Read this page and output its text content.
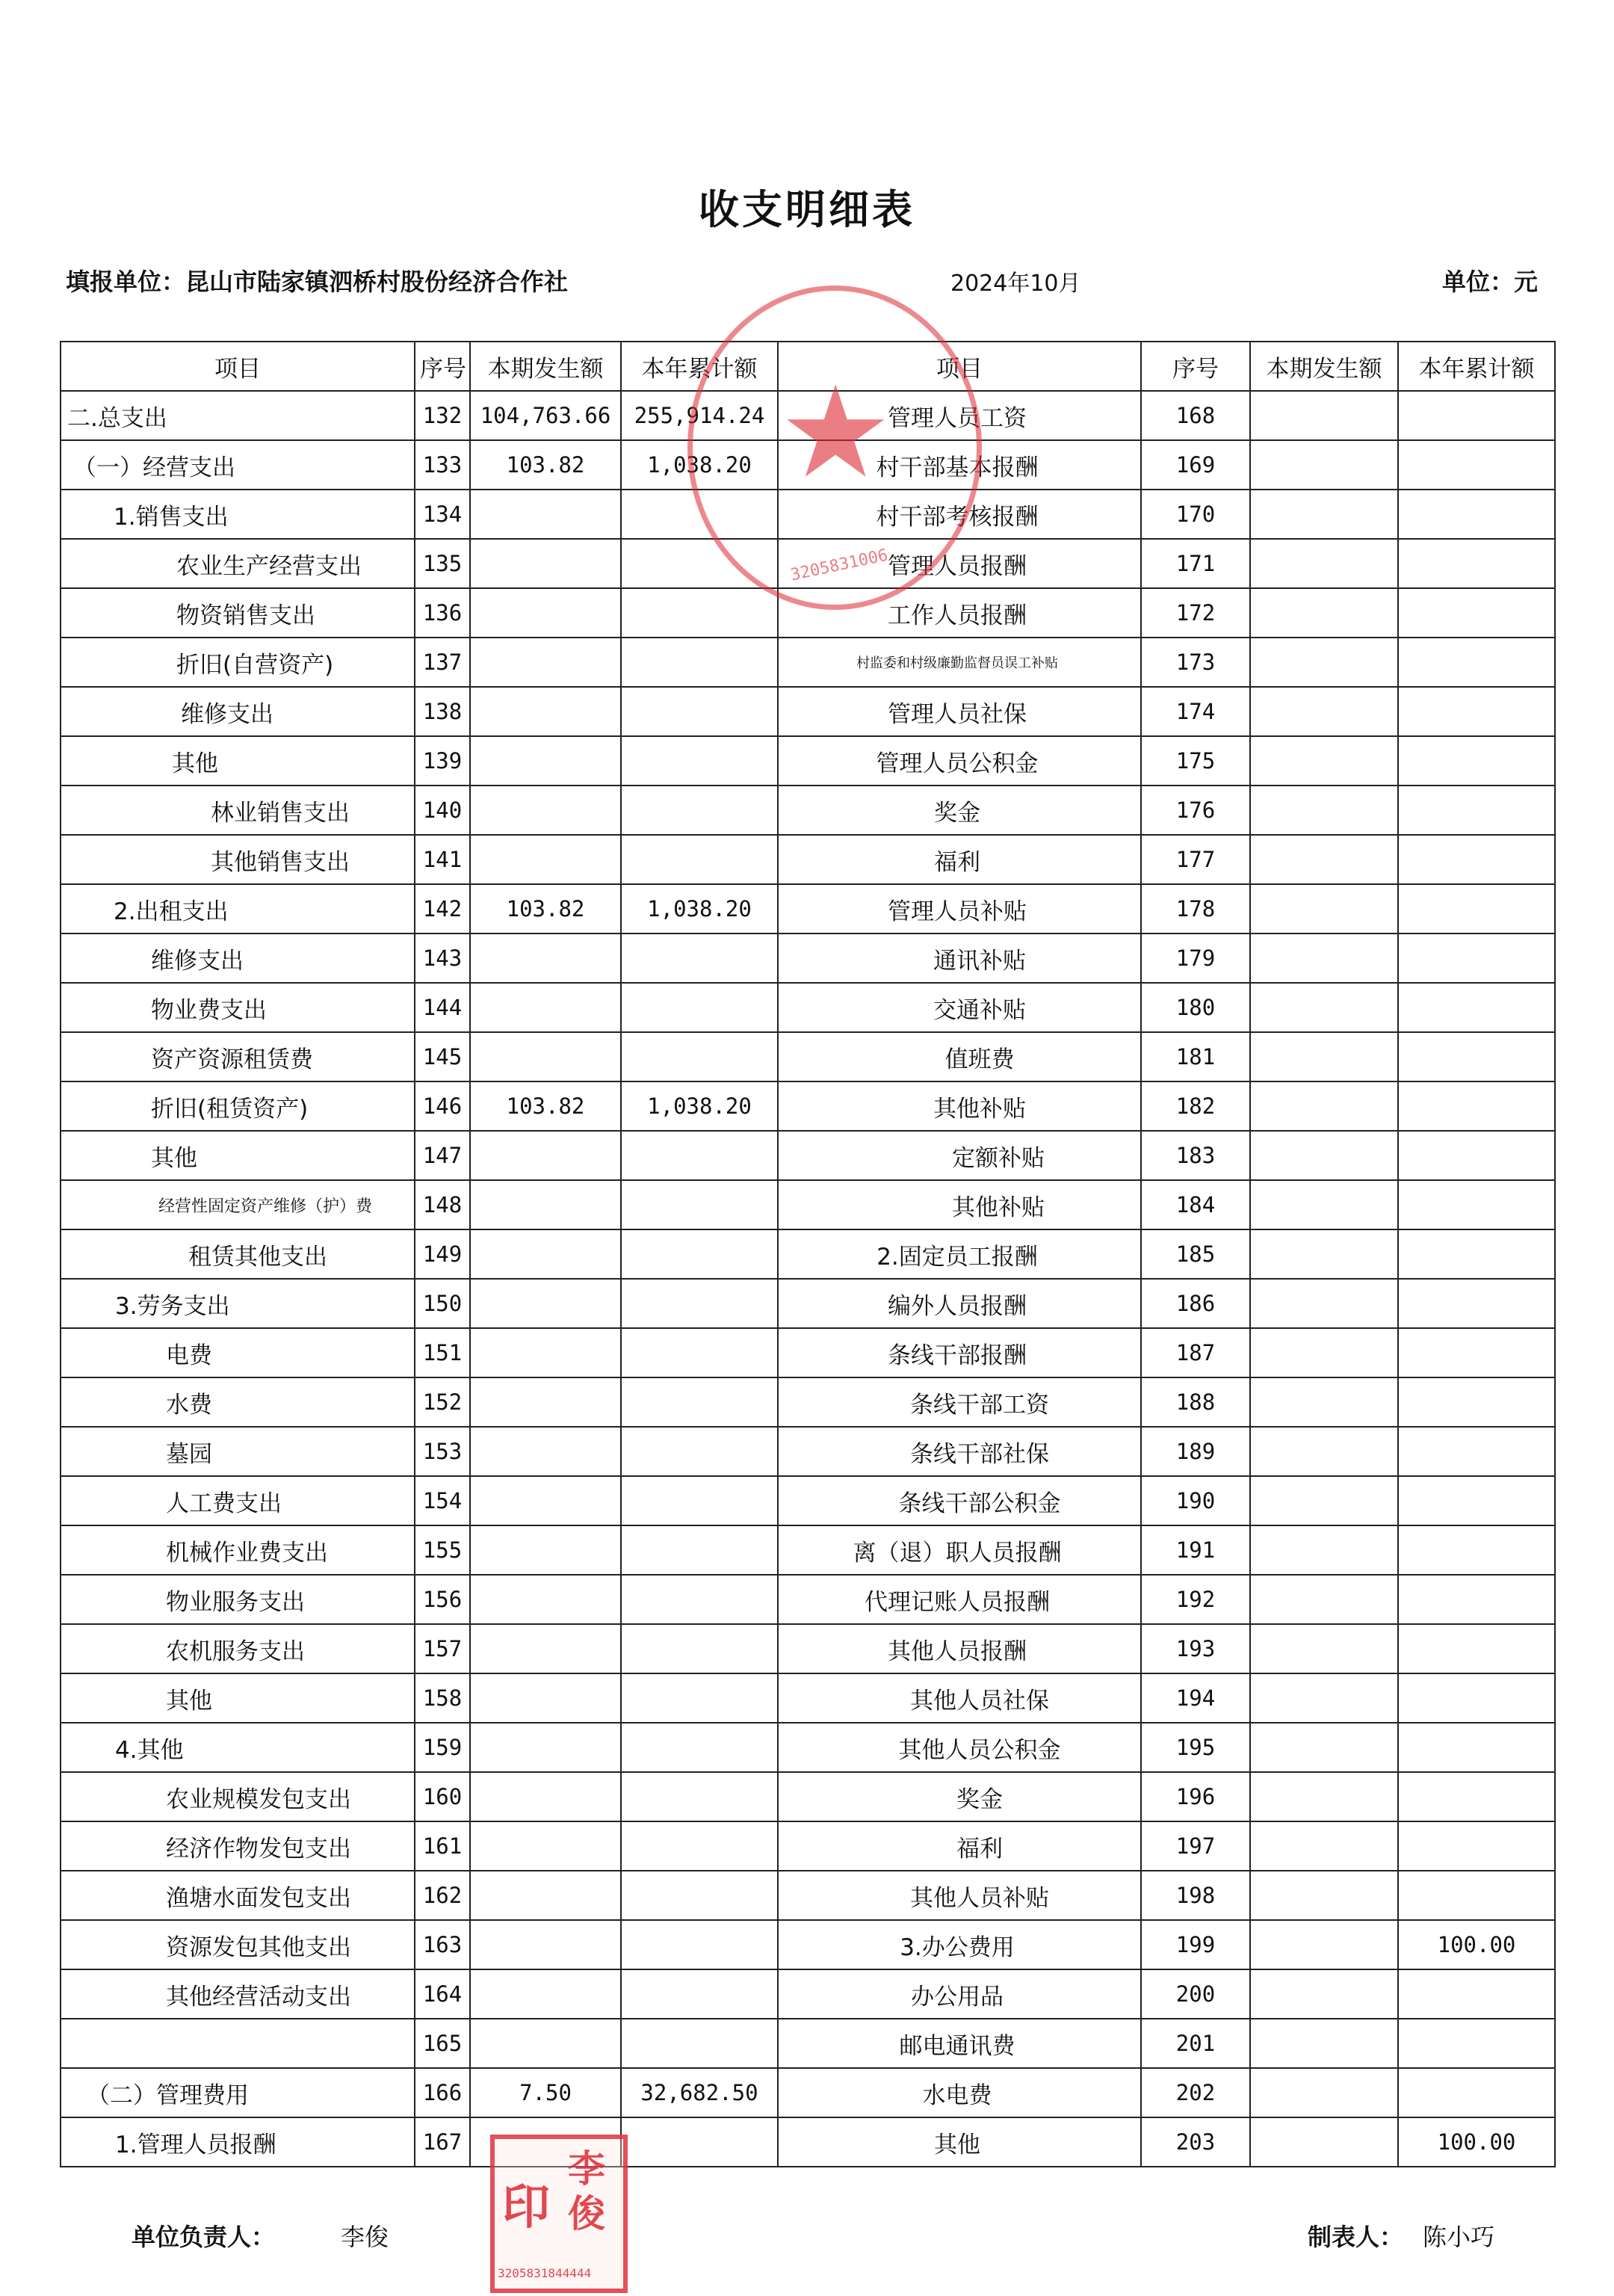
收支明细表
填报单位：昆山市陆家镇泗桥村股份经济合作社	2024年10月	单位：元
项目	序号	本期发生额	本年累计额	项目	序号	本期发生额	本年累计额
二.总支出	132	104,763.66	255,914.24	管理人员工资	168		
（一）经营支出	133	103.82	1,038.20	村干部基本报酬	169		
1.销售支出	134			村干部考核报酬	170		
农业生产经营支出	135			管理人员报酬	171		
物资销售支出	136			工作人员报酬	172		
折旧(自营资产)	137			村监委和村级廉勤监督员误工补贴	173		
维修支出	138			管理人员社保	174		
其他	139			管理人员公积金	175		
林业销售支出	140			奖金	176		
其他销售支出	141			福利	177		
2.出租支出	142	103.82	1,038.20	管理人员补贴	178		
维修支出	143			通讯补贴	179		
物业费支出	144			交通补贴	180		
资产资源租赁费	145			值班费	181		
折旧(租赁资产)	146	103.82	1,038.20	其他补贴	182		
其他	147			定额补贴	183		
经营性固定资产维修（护）费	148			其他补贴	184		
租赁其他支出	149			2.固定员工报酬	185		
3.劳务支出	150			编外人员报酬	186		
电费	151			条线干部报酬	187		
水费	152			条线干部工资	188		
墓园	153			条线干部社保	189		
人工费支出	154			条线干部公积金	190		
机械作业费支出	155			离（退）职人员报酬	191		
物业服务支出	156			代理记账人员报酬	192		
农机服务支出	157			其他人员报酬	193		
其他	158			其他人员社保	194		
4.其他	159			其他人员公积金	195		
农业规模发包支出	160			奖金	196		
经济作物发包支出	161			福利	197		
渔塘水面发包支出	162			其他人员补贴	198		
资源发包其他支出	163			3.办公费用	199		100.00
其他经营活动支出	164			办公用品	200		
	165			邮电通讯费	201		
（二）管理费用	166	7.50	32,682.50	水电费	202		
1.管理人员报酬	167			其他	203		100.00
★
3205831006
单位负责人：	李俊	制表人： 陈小巧
印
李俊
3205831844444
